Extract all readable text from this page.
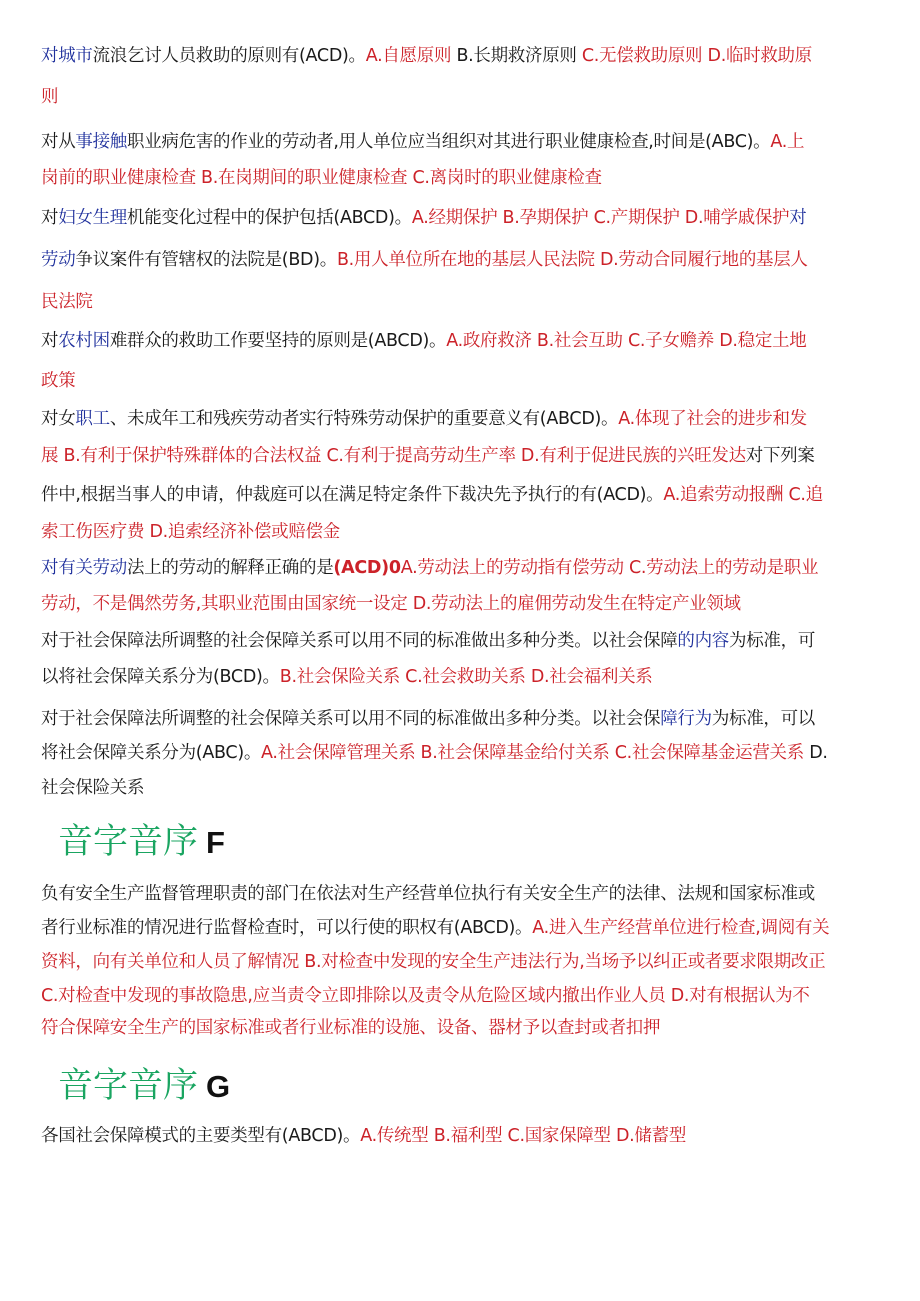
对城市流浪乞讨人员救助的原则有(ACD)。A.自愿原则 B.长期救济原则 C.无偿救助原则 D.临时救助原
则
对从事接触职业病危害的作业的劳动者,用人单位应当组织对其进行职业健康检查,时间是(ABC)。A.上
岗前的职业健康检查 B.在岗期间的职业健康检查 C.离岗时的职业健康检查
对妇女生理机能变化过程中的保护包括(ABCD)。A.经期保护 B.孕期保护 C.产期保护 D.哺学戚保护对
劳动争议案件有管辖权的法院是(BD)。B.用人单位所在地的基层人民法院 D.劳动合同履行地的基层人
民法院
对农村困难群众的救助工作要坚持的原则是(ABCD)。A.政府救济 B.社会互助 C.子女赡养 D.稳定土地
政策
对女职工、未成年工和残疾劳动者实行特殊劳动保护的重要意义有(ABCD)。A.体现了社会的进步和发
展 B.有利于保护特殊群体的合法权益 C.有利于提高劳动生产率 D.有利于促进民族的兴旺发达对下列案
件中,根据当事人的申请，仲裁庭可以在满足特定条件下裁决先予执行的有(ACD)。A.追索劳动报酬 C.追
索工伤医疗费 D.追索经济补偿或赔偿金
对有关劳动法上的劳动的解释正确的是(ACD)0A.劳动法上的劳动指有偿劳动 C.劳动法上的劳动是职业
劳动，不是偶然劳务,其职业范围由国家统一设定 D.劳动法上的雇佣劳动发生在特定产业领域
对于社会保障法所调整的社会保障关系可以用不同的标准做出多种分类。以社会保障的内容为标准，可
以将社会保障关系分为(BCD)。B.社会保险关系 C.社会救助关系 D.社会福利关系
对于社会保障法所调整的社会保障关系可以用不同的标准做出多种分类。以社会保障行为为标准，可以
将社会保障关系分为(ABC)。A.社会保障管理关系 B.社会保障基金给付关系 C.社会保障基金运营关系 D.
社会保险关系
音字音序 F
负有安全生产监督管理职责的部门在依法对生产经营单位执行有关安全生产的法律、法规和国家标准或
者行业标准的情况进行监督检查时，可以行使的职权有(ABCD)。A.进入生产经营单位进行检查,调阅有关
资料，向有关单位和人员了解情况 B.对检查中发现的安全生产违法行为,当场予以纠正或者要求限期改正
C.对检查中发现的事故隐患,应当责令立即排除以及责令从危险区域内撤出作业人员 D.对有根据认为不
符合保障安全生产的国家标准或者行业标准的设施、设备、器材予以查封或者扣押
音字音序 G
各国社会保障模式的主要类型有(ABCD)。A.传统型 B.福利型 C.国家保障型 D.储蓄型
